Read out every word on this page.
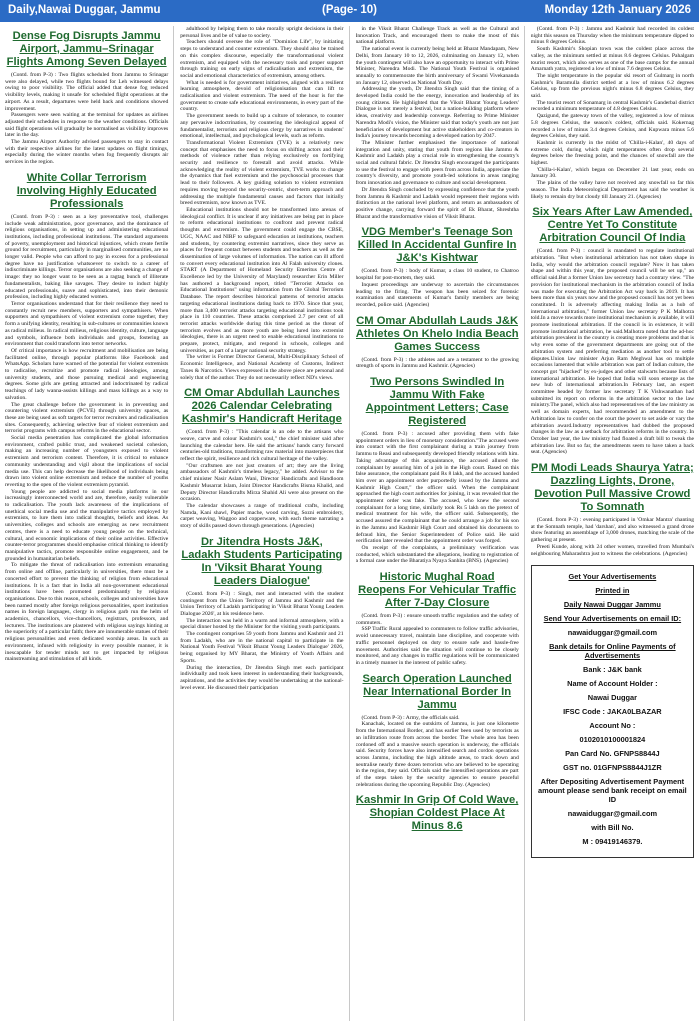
Daily,Nawai Duggar, Jammu	(Page- 10)	Monday 12th January 2026
Dense Fog Disrupts Jammu Airport, Jammu–Srinagar Flights Among Seven Delayed

(Contd. from P-3) : Two flights scheduled from Jammu to Srinagar were also delayed, while two flights bound for Leh witnessed delays owing to poor visibility. The official added that dense fog reduced visibility levels, making it unsafe for scheduled flight operations at the airport. As a result, departures were held back and conditions showed improvement.

Passengers were seen waiting at the terminal for updates as airlines adjusted their schedules in response to the weather conditions. Officials said flight operations will gradually be normalised as visibility improves later in the day.

The Jammu Airport Authority advised passengers to stay in contact with their respective airlines for the latest updates on flight timings, especially during the winter months when fog frequently disrupts air services in the region.

White Collar Terrorism Involving Highly Educated Professionals

(Contd. from P-3) : seen as a key preventative tool, challenges include weak administration, poor governance, and the dominance of religious organisations, in setting up and administering educational institutions, including professional institutions. The standard arguments of poverty, unemployment and historical injustices, which create fertile ground for recruitment, particularly in marginalised communities, are no longer valid. People who can afford to pay in excess for a professional degree have no justification whatsoever to switch to a career of indiscriminate killings. Terror organisations are also seeking a change of image: they no longer want to be seen as a ragtag bunch of illiterate fundamentalists, baking like savages. They desire to induct highly educated professionals, suave and sophisticated, into their demonic profession, including highly educated women.

Terror organisations understand that for their resilience they need to constantly recruit new members, supporters and sympathisers. When supporters and sympathisers of violent extremism come together, they form a unifying identity, resulting in sub-cultures or communities known as radical milieus. In radical milieus, religious identity, culture, language and symbols, influence both individuals and groups, fostering an environment that could transform into terror networks.

Of critical importance is how recruitment and mobilisation are being facilitated online, through popular platforms like Facebook and WhatsApp. Scholars have warned of the potential for violent extremists to radicalise, recruitize and promote radical ideologies, among university students, and those pursuing medical and engineering degrees. Some girls are getting attracted and indoctrinated by radical teachings of lady wanna-assists killings and mass killings as a way to salvation.

The great challenge before the government is in preventing and countering violent extremism (PCVE) through university spaces, as these are being used as soft targets for terror recruiters and radicalisation sites. Consequently, achieving selective fear of violent extremism and terrorist programs with campus reforms in the educational sector.

Social media penetration has complicated the global information environment, crafted public trust, and weakened societal cohesion, making an increasing number of youngsters exposed to violent extremism and terrorism content. Therefore, it is critical to enhance community understanding and vigil about the implications of social media use. This can help decrease the likelihood of individuals being drawn into violent online extremism and reduce the number of youths reverting to the open of the violent extremism pyramid.

Young people are addicted to social media platforms in our increasingly interconnected world and are, therefore, easily vulnerable to radicalisation. The youth lack awareness of the implications of unethical social media use and the manipulative tactics employed by extremists, to lure them into radical thoughts, beliefs and ideas. As universities, colleges and schools are emerging as new recruitment centres, there is a need to educate young people on the technical, cultural, and economic implications of their online activities. Effective counter-terror programmes should emphasise critical thinking to identify manipulative tactics, promote responsible online engagement, and be grounded in humanitarian beliefs.

To mitigate the threat of radicalisation into extremism emanating from online and offline, particularly in universities, there must be a concerted effort to prevent the thinking of religion from educational institutions. It is a fact that in India all non-government educational institutions have been promoted predominantly by religious organisations. Due to this reason, schools, colleges and universities have been named mostly after foreign religious personalities, sport institution names in foreign languages, clergy in religious garb run the helm of academics, chancellors, vice-chancellors, registrars, professors, and lecturers. The institutions are plastered with religious sayings hinting at the superiority of a particular faith; there are innumerable statues of their religious personalities and even dedicated worship areas. In such an environment, infused with religiosity in every possible manner, it is inescapable for tender minds not to get impacted by religious mainstreaming and stimulation of all kinds.

adulthood by helping them to take morally upright decisions in their personal lives and be of value to society.

Teachers should oversee the role of "Dominion Life", by initiating steps to understand and counter extremism. They should also be trained on this complex discourse, especially the transformational violent extremism, and equipped with the necessary tools and proper support through training on early signs of radicalisation and extremism, the social and emotional characteristics of extremism, among others.

What is needed is for government initiatives, aligned with a resilient learning atmosphere, devoid of religionisation that can lift to radicalisation and violent extremism. The need of the hour is for the government to create safe educational environments, in every part of the country.

The government needs to build up a culture of tolerance, to counter any pervasive indoctrination, by countering the ideological appeal of fundamentalist, terrorists and religious clergy by narratives in students' emotional, intellectual, and psychological levels, such as reform.

Transformational Violent Extremism (TVE) is a relatively new concept that emphasises the need to focus on shifting actors and their methods of violence rather than relying exclusively on fortifying security and resilience to forestall and avoid attacks. While acknowledging the reality of violent extremism, TVE works to change the dynamics that fuel extremism and the psychosocial processes that lead to their followers. A key guiding solution to violent extremism requires moving beyond the security-centric, short-term approach and addressing the multiple fundamental causes and factors that initially breed extremism, now known as TVE.

Educational institutions should not be transformed into arenas of ideological conflict. It is unclear if any initiatives are being put in place to reform educational institutions to confront and prevent radical thoughts and extremism. The government could engage the CBSE, UGC, NAAC and NIRF to safeguard education at institutions, teachers and students, by countering extremist narratives, since they serve as places for frequent contact between students and teachers as well as the dissemination of large volumes of information. The nation can ill afford to convert every educational institution into Al Falah university clones. START (A Department of Homeland Security Emeritus Centre of Excellence led by the University of Maryland) researcher Erin Miller has authored a background report, titled "Terrorist Attacks on Educational Institutions" using information from the Global Terrorism Database. The report describes historical patterns of terrorist attacks targeting educational institutions dating back to 1970. Since that year, more than 3,400 terrorist attacks targeting educational institutions took place in 110 countries. These attacks comprised 2.7 per cent of all terrorist attacks worldwide during this time period as the threat of terrorism evolves and as more youth are being lured into extremist ideologies, there is an urgent need to enable educational institutions to prepare, protect, mitigate, and respond in schools, colleges and universities, as part of a larger national security strategy.

The writer is Former Director General, Multi-Disciplinary School of Economic Intelligence, and National Academy of Customs, Indirect Taxes & Narcotics. Views expressed in the above piece are personal and solely that of the author. They do not necessarily reflect ND's views.

CM Omar Abdullah Launches 2026 Calendar Celebrating Kashmir's Handicraft Heritage

(Contd. from P-3) : "This calendar is an ode to the artisans who weave, carve and colour Kashmir's soul," the chief minister said after launching the calendar here. He said the artisans' hands carry forward centuries-old traditions, transforming raw material into masterpieces that reflect the spirit, resilience and rich cultural heritage of the valley.

"Our craftsmen are not just creators of art; they are the living ambassadors of Kashmir's timeless legacy," he added. Advisor to the chief minister Nasir Aslam Wani, Director Handicrafts and Handloom Kashmir Musarrat Islam, Joint Director Handicrafts Bisma Khalid, and Deputy Director Handicrafts Mirza Shahid Ali were also present on the occasion.

The calendar showcases a range of traditional crafts, including Namda, Kani shawl, Papier mache, wood carving, Sozni embroidery, carpet weaving, Waggoo and copperware, with each theme narrating a story of skills passed down through generations. (Agencies)

Dr Jitendra Hosts J&K, Ladakh Students Participating In 'Viksit Bharat Young Leaders Dialogue'

(Contd. from P-3) : Singh, met and interacted with the student contingent from the Union Territory of Jammu and Kashmir and the Union Territory of Ladakh participating in 'Viksit Bharat Young Leaders Dialogue 2026', at his residence here.

The interaction was held in a warm and informal atmosphere, with a special dinner hosted by the Minister for the visiting youth participants.

The contingent comprises 59 youth from Jammu and Kashmir and 21 from Ladakh, who are in the national capital to participate in the National Youth Festival 'Viksit Bharat Young Leaders Dialogue' 2026, being organised by MY Bharat, the Ministry of Youth Affairs and Sports.

During the interaction, Dr Jitendra Singh met each participant individually and took keen interest in understanding their backgrounds, aspirations, and the activities they would be undertaking at the national-level event. He discussed their participation

in the Viksit Bharat Challenge Track as well as the Cultural and Innovation Track, and encouraged them to make the most of this national platform.

The national event is currently being held at Bharat Mandapam, New Delhi, from January 10 to 12, 2026, culminating on January 12, when the youth contingent will also have an opportunity to interact with Prime Minister, Narendra Modi. The National Youth Festival is organised annually to commemorate the birth anniversary of Swami Vivekananda on January 12, observed as National Youth Day.

Addressing the youth, Dr Jitendra Singh said that the timing of a developed India could be the energy, innovation and leadership of its young citizens. He highlighted that the Viksit Bharat Young Leaders' Dialogue is not merely a festival, but a nation-building platform where ideas, creativity and leadership converge. Referring to Prime Minister Narendra Modi's vision, the Minister said that today's youth are not just beneficiaries of development but active stakeholders and co-creators in India's journey towards becoming a developed nation by 2047.

The Minister further emphasised the importance of national integration and unity, stating that youth from regions like Jammu & Kashmir and Ladakh play a crucial role in strengthening the country's social and cultural fabric. Dr Jitendra Singh encouraged the participants to use the festival to engage with peers from across India, appreciate the country's diversity, and promote youth-led solutions in areas ranging from innovation and governance to culture and social development.

Dr Jitendra Singh concluded by expressing confidence that the youth from Jammu & Kashmir and Ladakh would represent their regions with distinction at the national level platform, and return as ambassadors of positive change, carrying forward the spirit of Ek Bharat, Shreshtha Bharat and the transformative vision of Viksit Bharat.

VDG Member's Teenage Son Killed In Accidental Gunfire In J&K's Kishtwar

(Contd. from P-3) : body of Kumar, a class 10 student, to Chatroo hospital for post-mortem, they said.

Inquest proceedings are underway to ascertain the circumstances leading to the firing. The weapon has been seized for forensic examination and statements of Kumar's family members are being recorded, police said. (Agencies)

CM Omar Abdullah Lauds J&K Athletes On Khelo India Beach Games Success

(Contd. from P-3) : the athletes and are a testament to the growing strength of sports in Jammu and Kashmir. (Agencies)

Two Persons Swindled In Jammu With Fake Appointment Letters; Case Registered

(Contd. from P-3) : accused after providing them with fake appointment orders in lieu of monetary consideration."The accused were into contact with the first complainant during a train journey from Jammu to Reasi and subsequently developed friendly relations with him. Taking advantage of this acquaintance, the accused allured the complainant by assuring him of a job in the High court. Based on this false assurance, the complainant paid Rs 8 lakh, and the accused handed him over an appointment order purportedly issued by the Jammu and Kashmir High Court," the officer said. When the complainant approached the high court authorities for joining, it was revealed that the appointment order was fake. The accused, who knew the second complainant for a long time, similarly took Rs 5 lakh on the pretext of medical treatment for his wife, the officer said. Subsequently, the accused assured the complainant that he could arrange a job for his son in the Jammu and Kashmir High Court and obtained his documents to defraud him, the Senior Superintendent of Police said. He said verification later revealed that the appointment order was forged.

On receipt of the complaints, a preliminary verification was conducted, which substantiated the allegations, leading to registration of a formal case under the Bharatiya Nyaya Sanhita (BNS). (Agencies)

Historic Mughal Road Reopens For Vehicular Traffic After 7-Day Closure

(Contd. from P-3) : ensure smooth traffic regulation and the safety of commuters.

SSP Traffic Rural appealed to commuters to follow traffic advisories, avoid unnecessary travel, maintain lane discipline, and cooperate with traffic personnel deployed on duty to ensure safe and hassle-free movement. Authorities said the situation will continue to be closely monitored, and any changes in traffic regulations will be communicated in a timely manner in the interest of public safety.

Search Operation Launched Near International Border In Jammu

(Contd. from P-3) : Army, the officials said.

Kanachak, located on the outskirts of Jammu, is just one kilometre from the International Border, and has earlier been used by terrorists as an infiltration route from across the border. The whole area has been cordoned off and a massive search operation is underway, the officials said. Security forces have also intensified search and cordon operations across Jammu, including the high altitude areas, to track down and neutralise nearly three dozen terrorists who are believed to be operating in the region, they said. Officials said the intensified operations are part of the steps taken by the security agencies to ensure peaceful celebrations during the upcoming Republic Day. (Agencies)

Kashmir In Grip Of Cold Wave, Shopian Coldest Place At Minus 8.6

(Contd. from P-3) : Jammu and Kashmir had recorded its coldest night this season on Thursday when the minimum temperature dipped to minus 8 degrees Celsius.

South Kashmir's Shopian town was the coldest place across the valley, as the minimum settled at minus 8.6 degrees Celsius. Pahalgam tourist resort, which also serves as one of the base camps for the annual Amarnath yatra, registered a low of minus 7.6 degrees Celsius.

The night temperature in the popular ski resort of Gulmarg in north Kashmir's Baramulla district settled at a low of minus 6.2 degrees Celsius, up from the previous night's minus 6.8 degrees Celsius, they said.

The tourist resort of Sonamarg in central Kashmir's Ganderbal district recorded a minimum temperature of 4.8 degrees Celsius.

Qazigund, the gateway town of the valley, registered a low of minus 5.8 degrees Celsius, the season's coldest, officials said. Kokernag recorded a low of minus 3.4 degrees Celsius, and Kupwara minus 5.6 degrees Celsius, they said.

Kashmir is currently in the midst of 'Chilla-i-Kalan', 40 days of extreme cold, during which night temperatures often drop several degrees below the freezing point, and the chances of snowfall are the highest.

'Chilla-i-Kalan', which began on December 21 last year, ends on January 30.

The plains of the valley have not received any snowfall so far this season. The India Meteorological Department has said the weather is likely to remain dry but cloudy till January 21. (Agencies)

Six Years After Law Amended, Centre Yet To Constitute Arbitration Council Of India

(Contd. from P-3) : council is mandated to regulate institutional arbitration. "But when institutional arbitration has not taken shape in India, why would the arbitration council regulate? Now it has taken shape and within this year, the proposed council will be set up," an official said.But a former Union law secretary had a contrary view. "The provision for institutional mechanism in the arbitration council of India was made for executing the Arbitration Act way back in 2019. It has been more than six years now and the proposed council has not yet been constituted. It is adversely affecting making India as a hub of international arbitration," former Union law secretary P K Malhotra told.In a move towards more institutional mechanism is available, it will promote institutional arbitration. If the council is in existence, it will promote institutional arbitration, he said.Malhotra noted that the ad-hoc arbitration prevalent in the country is creating more problems and that is why even some of the government departments are going out of the arbitration system and preferring mediation as another tool to settle disputes.Union law minister Arjun Ram Meghwal has on multiple occasions lamented that while arbitration was part of Indian culture, the concept got "hijacked" by ex-judges and other stalwarts because lists of international arbitration. He hoped that India will soon emerge as the new hub of international arbitration.In February last, an expert committee headed by former law secretary T K Vishwanathan had submitted its report on reforms in the arbitration sector to the law ministry.The panel, which also had representatives of the law ministry as well as domain experts, had recommended an amendment to the Arbitration law to confer on the court the power to set aside or vary the arbitration award.Industry representatives had dubbed the proposed changes in the law as a setback for arbitration reforms in the country. In October last year, the law ministry had floated a draft bill to tweak the arbitration law. But so far, the amendments seem to have taken a back seat. (Agencies)

PM Modi Leads Shaurya Yatra; Dazzling Lights, Drone, Devotion Pull Massive Crowd To Somnath

(Contd. from P-3) : evening participated in 'Omkar Mantra' chanting at the Somnath temple, had 'darshan', and also witnessed a grand drone show featuring an assemblage of 3,000 drones, matching the scale of the gathering at present.

Preeti Kunde, along with 24 other women, travelled from Mumbai's neighbouring Maharashtra just to witness the celebrations. (Agencies)

Get Your Advertisements

Printed in

Daily Nawai Duggar Jammu

Send Your Advertisements on email ID:

nawaiduggar@gmail.com

Bank details for Online Payments of Advertisements

Bank : J&K bank

Name of Account Holder :

Nawai Duggar

IFSC Code : JAKA0LBAZAR

Account No :

0102010100001824

Pan Card No. GFNPS8844J

GST no. 01GFNPS8844J1ZR

After Depositing Advertisement Payment amount please send bank receipt on email ID

nawaiduggar@gmail.com

with Bill No.

M : 09419146379.
